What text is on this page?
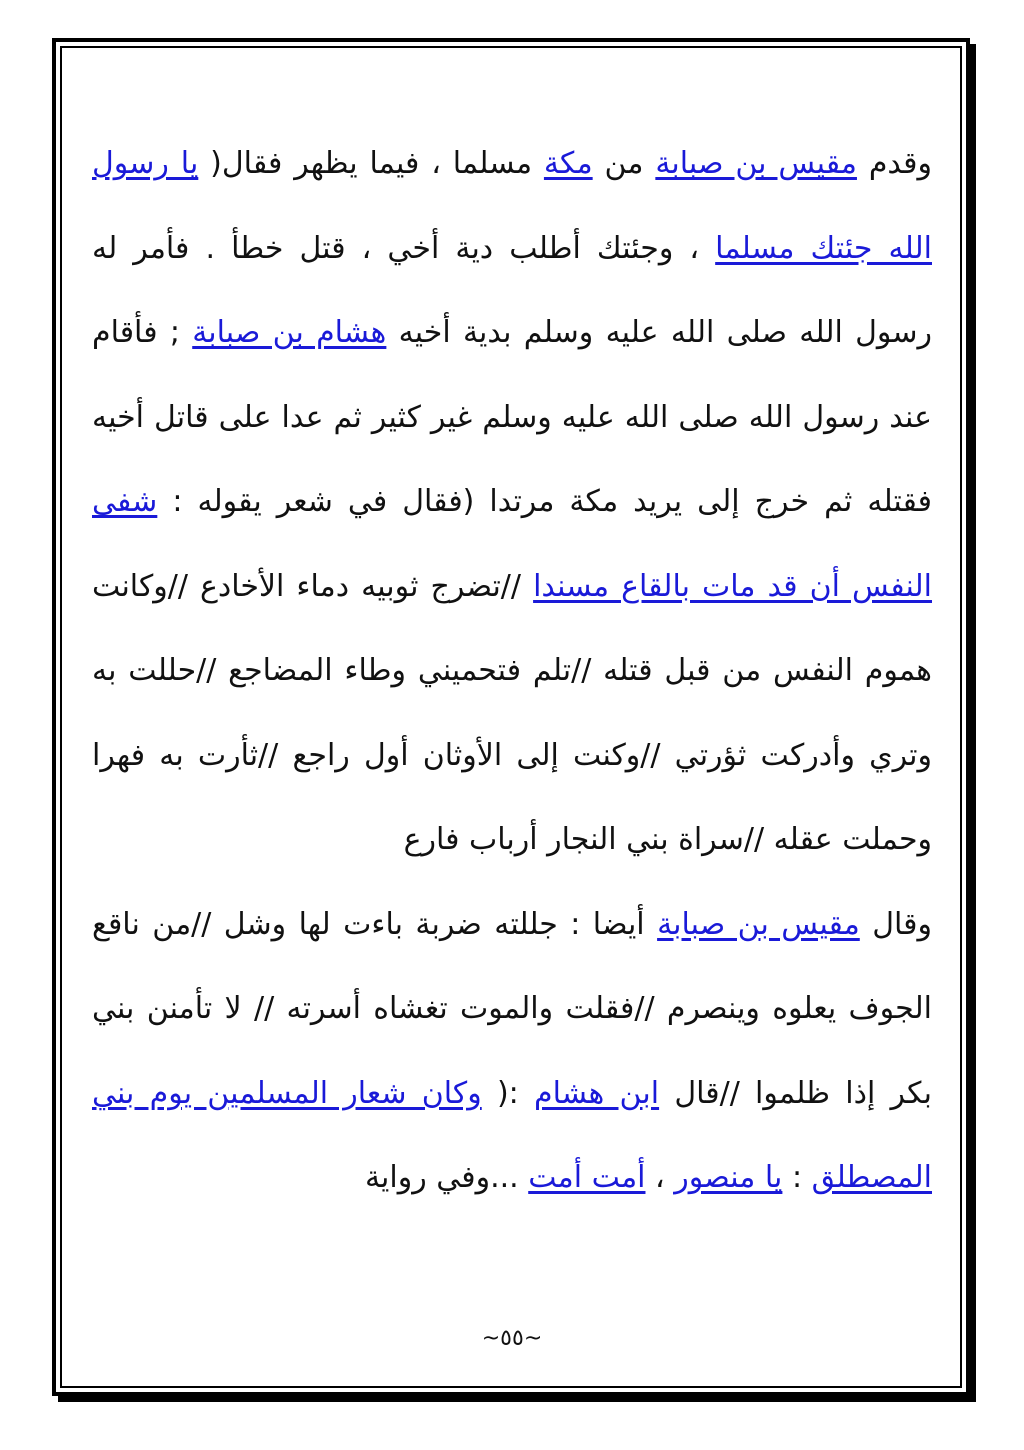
وقدم مقيس بن صبابة من مكة مسلما ، فيما يظهر فقال( يا رسول الله جئتك مسلما ، وجئتك أطلب دية أخي ، قتل خطأ . فأمر له رسول الله صلى الله عليه وسلم بدية أخيه هشام بن صبابة ; فأقام عند رسول الله صلى الله عليه وسلم غير كثير ثم عدا على قاتل أخيه فقتله ثم خرج إلى يريد مكة مرتدا (فقال في شعر يقوله : شفى النفس أن قد مات بالقاع مسندا //تضرج ثوبيه دماء الأخادع //وكانت هموم النفس من قبل قتله //تلم فتحميني وطاء المضاجع //حللت به وتري وأدركت ثؤرتي //وكنت إلى الأوثان أول راجع //ثأرت به فهرا وحملت عقله //سراة بني النجار أرباب فارع

وقال مقيس بن صبابة أيضا : جللته ضربة باءت لها وشل //من ناقع الجوف يعلوه وينصرم //فقلت والموت تغشاه أسرته // لا تأمنن بني بكر إذا ظلموا //قال ابن هشام :( وكان شعار المسلمين يوم بني المصطلق : يا منصور ، أمت أمت ...وفي رواية

~٥٥~
